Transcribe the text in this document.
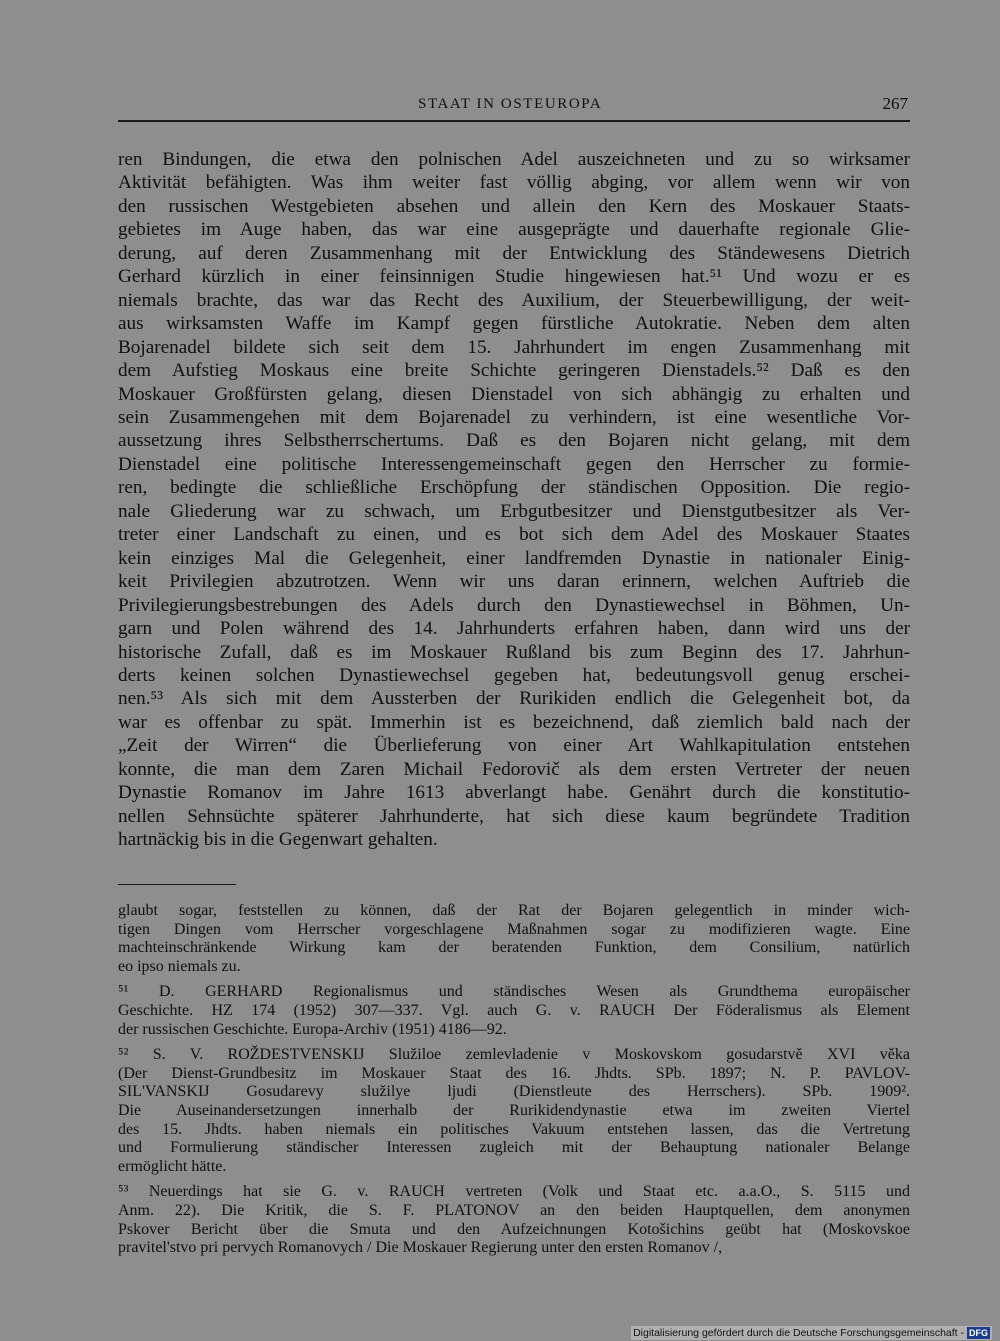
STAAT IN OSTEUROPA	267
ren Bindungen, die etwa den polnischen Adel auszeichneten und zu so wirksamer
Aktivität befähigten. Was ihm weiter fast völlig abging, vor allem wenn wir von
den russischen Westgebieten absehen und allein den Kern des Moskauer Staats-
gebietes im Auge haben, das war eine ausgeprägte und dauerhafte regionale Glie-
derung, auf deren Zusammenhang mit der Entwicklung des Ständewesens Dietrich
Gerhard kürzlich in einer feinsinnigen Studie hingewiesen hat.⁵¹ Und wozu er es
niemals brachte, das war das Recht des Auxilium, der Steuerbewilligung, der weit-
aus wirksamsten Waffe im Kampf gegen fürstliche Autokratie. Neben dem alten
Bojarenadel bildete sich seit dem 15. Jahrhundert im engen Zusammenhang mit
dem Aufstieg Moskaus eine breite Schichte geringeren Dienstadels.⁵² Daß es den
Moskauer Großfürsten gelang, diesen Dienstadel von sich abhängig zu erhalten und
sein Zusammengehen mit dem Bojarenadel zu verhindern, ist eine wesentliche Vor-
aussetzung ihres Selbstherrschertums. Daß es den Bojaren nicht gelang, mit dem
Dienstadel eine politische Interessengemeinschaft gegen den Herrscher zu formie-
ren, bedingte die schließliche Erschöpfung der ständischen Opposition. Die regio-
nale Gliederung war zu schwach, um Erbgutbesitzer und Dienstgutbesitzer als Ver-
treter einer Landschaft zu einen, und es bot sich dem Adel des Moskauer Staates
kein einziges Mal die Gelegenheit, einer landfremden Dynastie in nationaler Einig-
keit Privilegien abzutrotzen. Wenn wir uns daran erinnern, welchen Auftrieb die
Privilegierungsbestrebungen des Adels durch den Dynastiewechsel in Böhmen, Un-
garn und Polen während des 14. Jahrhunderts erfahren haben, dann wird uns der
historische Zufall, daß es im Moskauer Rußland bis zum Beginn des 17. Jahrhun-
derts keinen solchen Dynastiewechsel gegeben hat, bedeutungsvoll genug erschei-
nen.⁵³ Als sich mit dem Aussterben der Rurikiden endlich die Gelegenheit bot, da
war es offenbar zu spät. Immerhin ist es bezeichnend, daß ziemlich bald nach der
„Zeit der Wirren“ die Überlieferung von einer Art Wahlkapitulation entstehen
konnte, die man dem Zaren Michail Fedorovič als dem ersten Vertreter der neuen
Dynastie Romanov im Jahre 1613 abverlangt habe. Genährt durch die konstitutio-
nellen Sehnsüchte späterer Jahrhunderte, hat sich diese kaum begründete Tradition
hartnäckig bis in die Gegenwart gehalten.
glaubt sogar, feststellen zu können, daß der Rat der Bojaren gelegentlich in minder wich-
tigen Dingen vom Herrscher vorgeschlagene Maßnahmen sogar zu modifizieren wagte. Eine
machteinschränkende Wirkung kam der beratenden Funktion, dem Consilium, natürlich
eo ipso niemals zu.
⁵¹ D. GERHARD Regionalismus und ständisches Wesen als Grundthema europäischer
Geschichte. HZ 174 (1952) 307—337. Vgl. auch G. v. RAUCH Der Föderalismus als Element
der russischen Geschichte. Europa-Archiv (1951) 4186—92.
⁵² S. V. ROŽDESTVENSKIJ Služiloe zemlevladenie v Moskovskom gosudarstvě XVI věka
(Der Dienst-Grundbesitz im Moskauer Staat des 16. Jhdts. SPb. 1897; N. P. PAVLOV-
SIL'VANSKIJ Gosudarevy služilye ljudi (Dienstleute des Herrschers). SPb. 1909².
Die Auseinandersetzungen innerhalb der Rurikidendynastie etwa im zweiten Viertel
des 15. Jhdts. haben niemals ein politisches Vakuum entstehen lassen, das die Vertretung
und Formulierung ständischer Interessen zugleich mit der Behauptung nationaler Belange
ermöglicht hätte.
⁵³ Neuerdings hat sie G. v. RAUCH vertreten (Volk und Staat etc. a.a.O., S. 5115 und
Anm. 22). Die Kritik, die S. F. PLATONOV an den beiden Hauptquellen, dem anonymen
Pskover Bericht über die Smuta und den Aufzeichnungen Kotošichins geübt hat (Moskovskoe
pravitel'stvo pri pervych Romanovych / Die Moskauer Regierung unter den ersten Romanov /,
Digitalisierung gefördert durch die Deutsche Forschungsgemeinschaft - DFG
